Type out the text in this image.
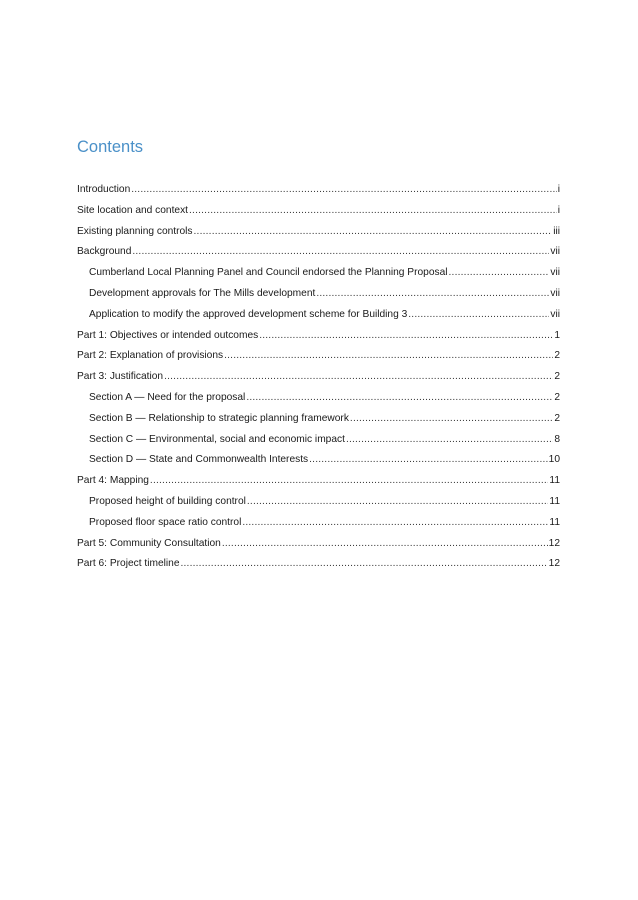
Contents
Introduction .....	i
Site location and context .....	i
Existing planning controls .....	iii
Background .....	vii
Cumberland Local Planning Panel and Council endorsed the Planning Proposal .....	vii
Development approvals for The Mills development .....	vii
Application to modify the approved development scheme for Building 3 .....	vii
Part 1: Objectives or intended outcomes .....	1
Part 2: Explanation of provisions .....	2
Part 3: Justification .....	2
Section A — Need for the proposal .....	2
Section B — Relationship to strategic planning framework .....	2
Section C — Environmental, social and economic impact .....	8
Section D — State and Commonwealth Interests .....	10
Part 4: Mapping .....	11
Proposed height of building control .....	11
Proposed floor space ratio control .....	11
Part 5: Community Consultation .....	12
Part 6: Project timeline .....	12
